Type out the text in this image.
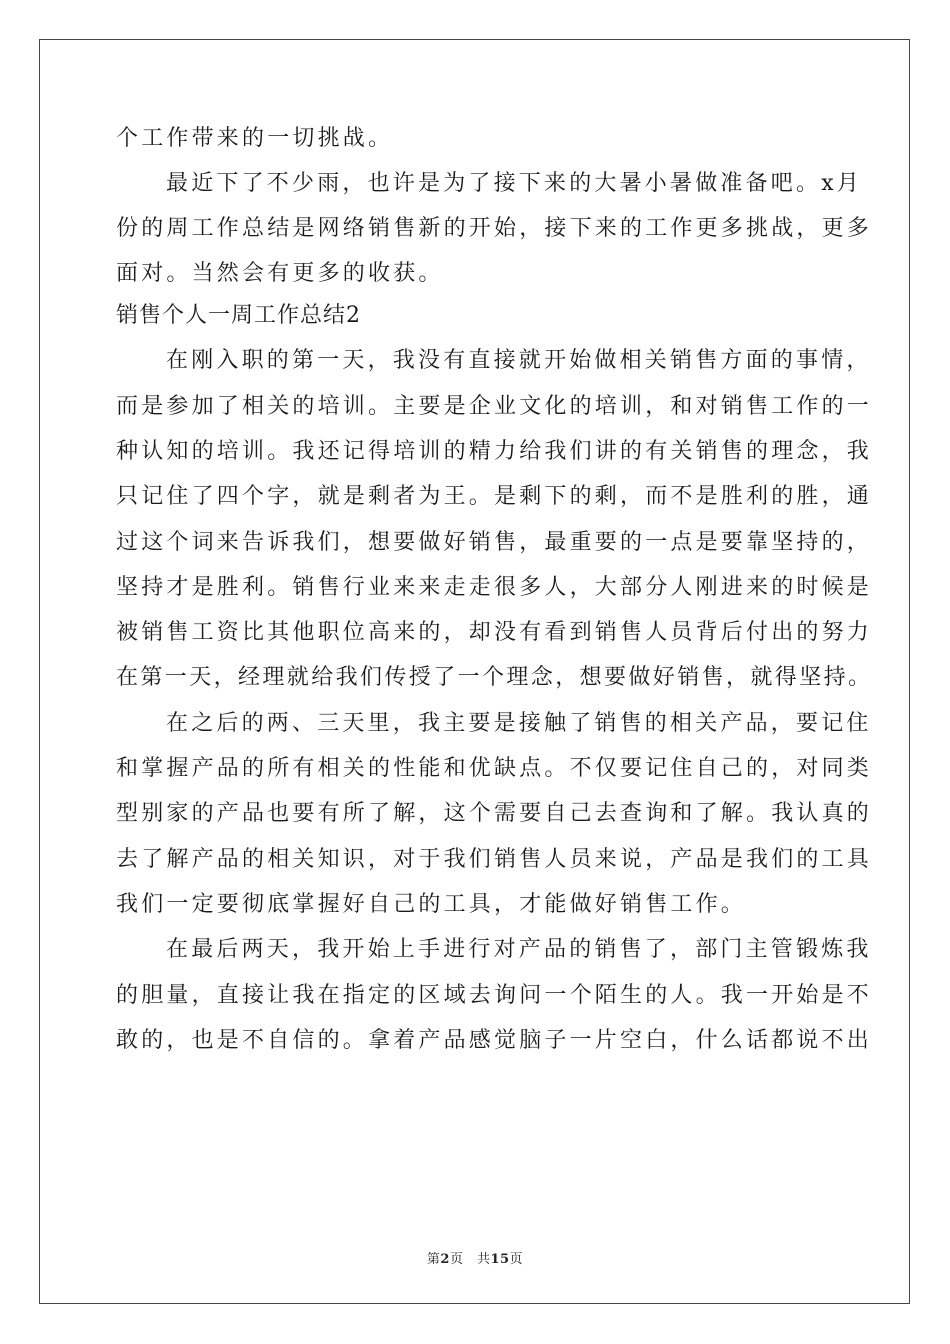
个工作带来的一切挑战。
最近下了不少雨，也许是为了接下来的大暑小暑做准备吧。x月
份的周工作总结是网络销售新的开始，接下来的工作更多挑战，更多
面对。当然会有更多的收获。
销售个人一周工作总结2
在刚入职的第一天，我没有直接就开始做相关销售方面的事情，
而是参加了相关的培训。主要是企业文化的培训，和对销售工作的一
种认知的培训。我还记得培训的精力给我们讲的有关销售的理念，我
只记住了四个字，就是剩者为王。是剩下的剩，而不是胜利的胜，通
过这个词来告诉我们，想要做好销售，最重要的一点是要靠坚持的，
坚持才是胜利。销售行业来来走走很多人，大部分人刚进来的时候是
被销售工资比其他职位高来的，却没有看到销售人员背后付出的努力
在第一天，经理就给我们传授了一个理念，想要做好销售，就得坚持。
在之后的两、三天里，我主要是接触了销售的相关产品，要记住
和掌握产品的所有相关的性能和优缺点。不仅要记住自己的，对同类
型别家的产品也要有所了解，这个需要自己去查询和了解。我认真的
去了解产品的相关知识，对于我们销售人员来说，产品是我们的工具
我们一定要彻底掌握好自己的工具，才能做好销售工作。
在最后两天，我开始上手进行对产品的销售了，部门主管锻炼我
的胆量，直接让我在指定的区域去询问一个陌生的人。我一开始是不
敢的，也是不自信的。拿着产品感觉脑子一片空白，什么话都说不出
第2页　共15页
